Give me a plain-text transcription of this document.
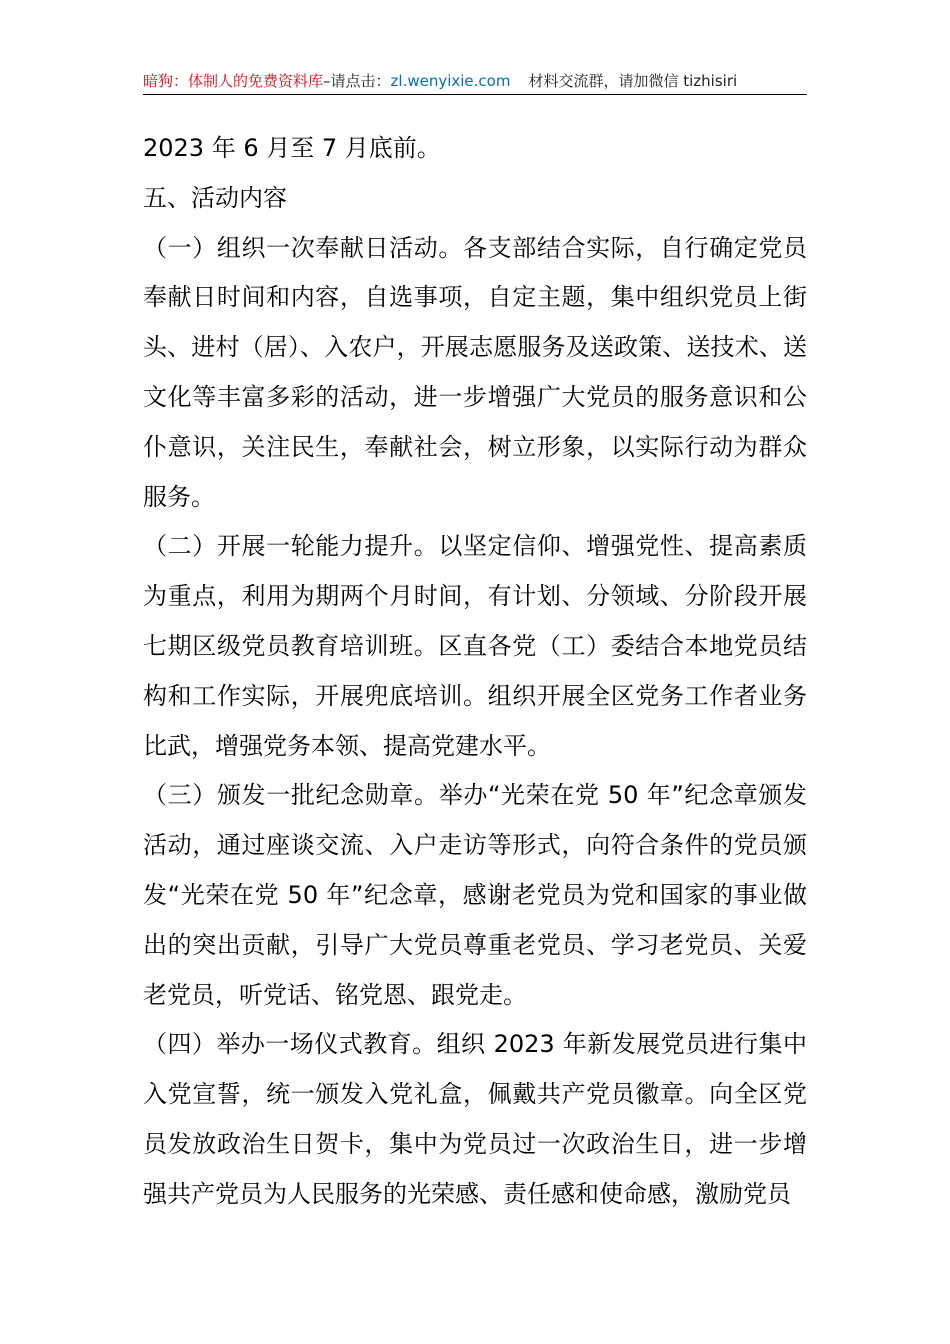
暗狗：体制人的免费资料库–请点击：zl.wenyixie.com 材料交流群，请加微信 tizhisiri

2023 年 6 月至 7 月底前。

五、活动内容

（一）组织一次奉献日活动。各支部结合实际，自行确定党员奉献日时间和内容，自选事项，自定主题，集中组织党员上街头、进村（居）、入农户，开展志愿服务及送政策、送技术、送文化等丰富多彩的活动，进一步增强广大党员的服务意识和公仆意识，关注民生，奉献社会，树立形象，以实际行动为群众服务。

（二）开展一轮能力提升。以坚定信仰、增强党性、提高素质为重点，利用为期两个月时间，有计划、分领域、分阶段开展七期区级党员教育培训班。区直各党（工）委结合本地党员结构和工作实际，开展兜底培训。组织开展全区党务工作者业务比武，增强党务本领、提高党建水平。

（三）颁发一批纪念勋章。举办“光荣在党 50 年”纪念章颁发活动，通过座谈交流、入户走访等形式，向符合条件的党员颁发“光荣在党 50 年”纪念章，感谢老党员为党和国家的事业做出的突出贡献，引导广大党员尊重老党员、学习老党员、关爱老党员，听党话、铭党恩、跟党走。

（四）举办一场仪式教育。组织 2023 年新发展党员进行集中入党宣誓，统一颁发入党礼盒，佩戴共产党员徽章。向全区党员发放政治生日贺卡，集中为党员过一次政治生日，进一步增强共产党员为人民服务的光荣感、责任感和使命感，激励党员
